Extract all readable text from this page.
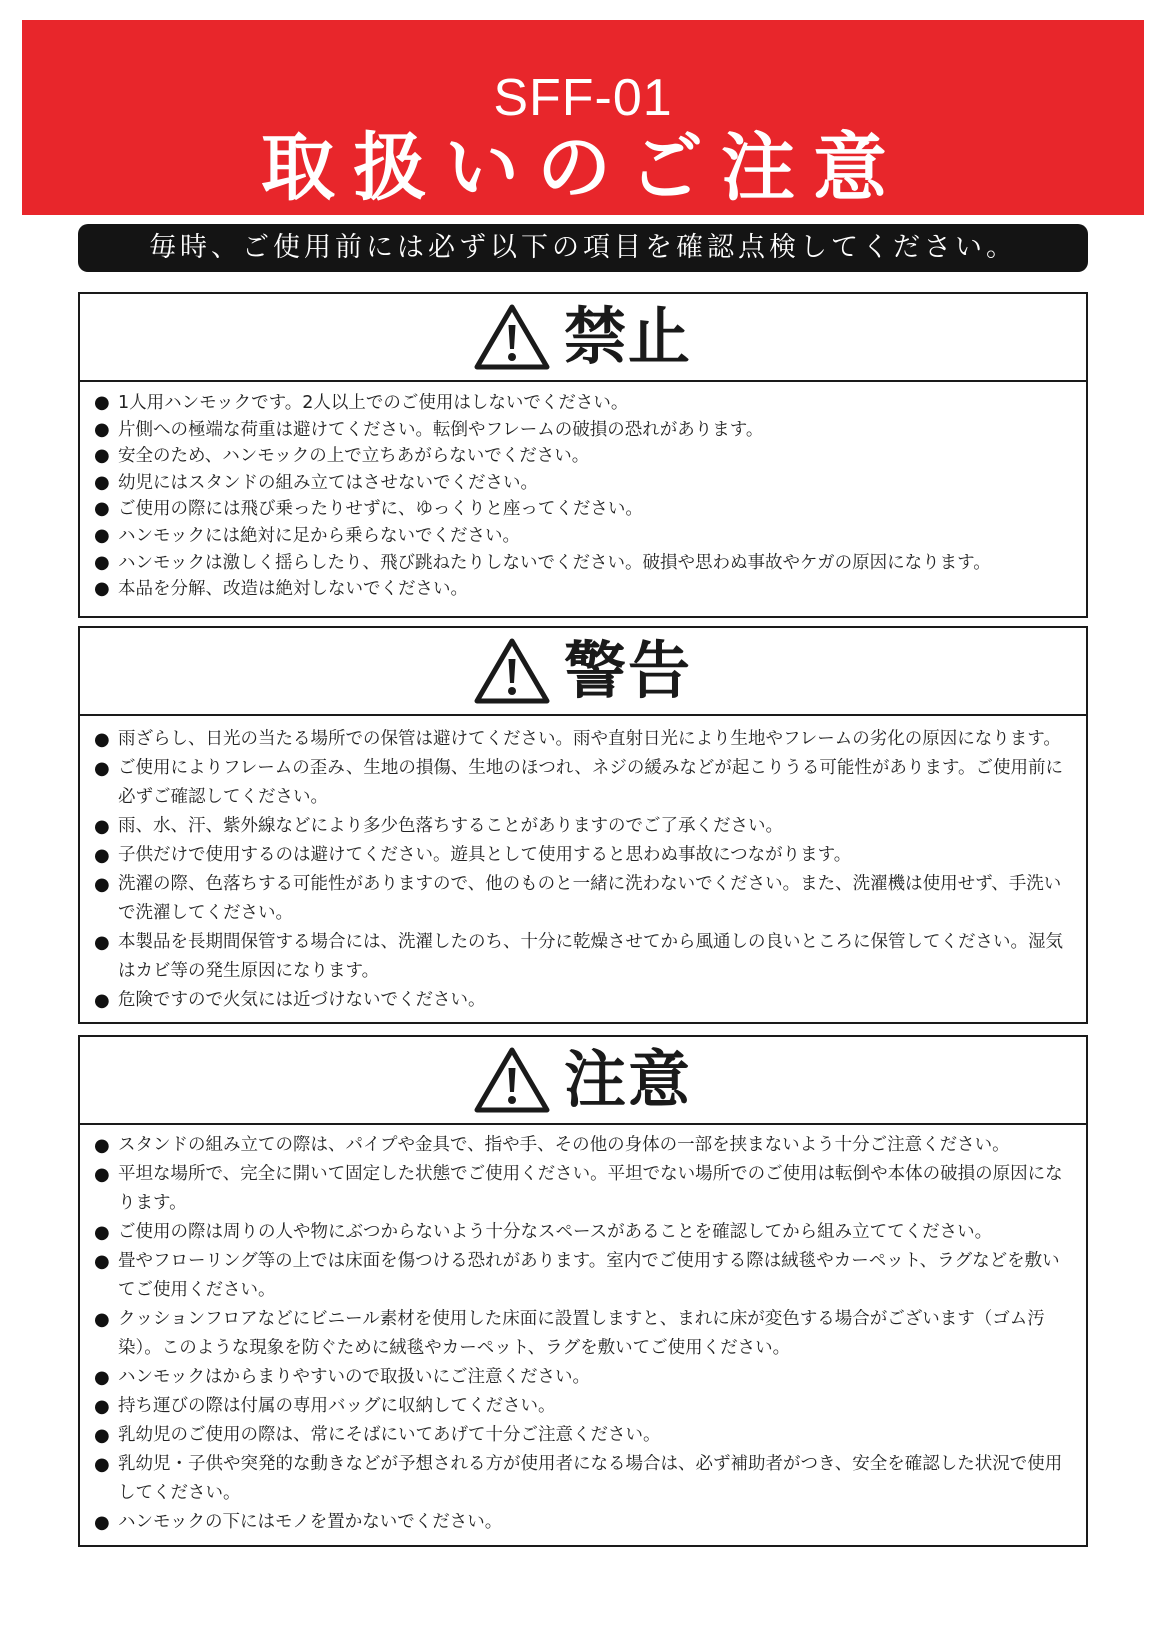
SFF-01
取扱いのご注意
毎時、ご使用前には必ず以下の項目を確認点検してください。
禁止
● 1人用ハンモックです。2人以上でのご使用はしないでください。
● 片側への極端な荷重は避けてください。転倒やフレームの破損の恐れがあります。
● 安全のため、ハンモックの上で立ちあがらないでください。
● 幼児にはスタンドの組み立てはさせないでください。
● ご使用の際には飛び乗ったりせずに、ゆっくりと座ってください。
● ハンモックには絶対に足から乗らないでください。
● ハンモックは激しく揺らしたり、飛び跳ねたりしないでください。破損や思わぬ事故やケガの原因になります。
● 本品を分解、改造は絶対しないでください。
警告
● 雨ざらし、日光の当たる場所での保管は避けてください。雨や直射日光により生地やフレームの劣化の原因になります。
● ご使用によりフレームの歪み、生地の損傷、生地のほつれ、ネジの緩みなどが起こりうる可能性があります。ご使用前に必ずご確認してください。
● 雨、水、汗、紫外線などにより多少色落ちすることがありますのでご了承ください。
● 子供だけで使用するのは避けてください。遊具として使用すると思わぬ事故につながります。
● 洗濯の際、色落ちする可能性がありますので、他のものと一緒に洗わないでください。また、洗濯機は使用せず、手洗いで洗濯してください。
● 本製品を長期間保管する場合には、洗濯したのち、十分に乾燥させてから風通しの良いところに保管してください。湿気はカビ等の発生原因になります。
● 危険ですので火気には近づけないでください。
注意
● スタンドの組み立ての際は、パイプや金具で、指や手、その他の身体の一部を挟まないよう十分ご注意ください。
● 平坦な場所で、完全に開いて固定した状態でご使用ください。平坦でない場所でのご使用は転倒や本体の破損の原因になります。
● ご使用の際は周りの人や物にぶつからないよう十分なスペースがあることを確認してから組み立ててください。
● 畳やフローリング等の上では床面を傷つける恐れがあります。室内でご使用する際は絨毯やカーペット、ラグなどを敷いてご使用ください。
● クッションフロアなどにビニール素材を使用した床面に設置しますと、まれに床が変色する場合がございます（ゴム汚染）。このような現象を防ぐために絨毯やカーペット、ラグを敷いてご使用ください。
● ハンモックはからまりやすいので取扱いにご注意ください。
● 持ち運びの際は付属の専用バッグに収納してください。
● 乳幼児のご使用の際は、常にそばにいてあげて十分ご注意ください。
● 乳幼児・子供や突発的な動きなどが予想される方が使用者になる場合は、必ず補助者がつき、安全を確認した状況で使用してください。
● ハンモックの下にはモノを置かないでください。
